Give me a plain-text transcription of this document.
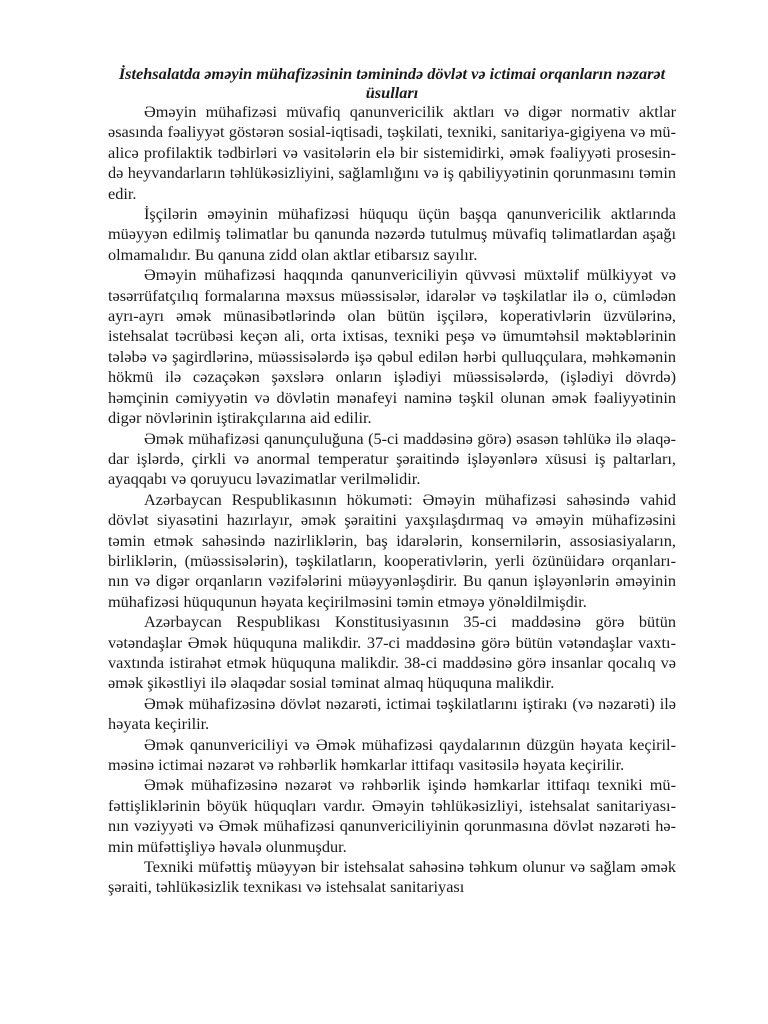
İstehsalatda əməyin mühafizəsinin təminində dövlət və ictimai orqanların nəzarət üsulları

Əməyin mühafizəsi müvafiq qanunvericilik aktları və digər normativ aktlar əsasında fəaliyyət göstərən sosial-iqtisadi, təşkilati, texniki, sanitariya-gigiyena və mü-alicə profilaktik tədbirləri və vasitələrin elə bir sistemidirki, əmək fəaliyyəti prosesin-də heyvandarların təhlükəsizliyini, sağlamlığını və iş qabiliyyətinin qorunmasını təmin edir.

İşçilərin əməyinin mühafizəsi hüququ üçün başqa qanunvericilik aktlarında müəyyən edilmiş təlimatlar bu qanunda nəzərdə tutulmuş müvafiq təlimatlardan aşağı olmamalıdır. Bu qanuna zidd olan aktlar etibarsız sayılır.

Əməyin mühafizəsi haqqında qanunvericiliyin qüvvəsi müxtəlif mülkiyyət və təsərrüfatçılıq formalarına məxsus müəssisələr, idarələr və təşkilatlar ilə o, cümlədən ayrı-ayrı əmək münasibətlərində olan bütün işçilərə, koperativlərin üzvülərinə, istehsalat təcrübəsi keçən ali, orta ixtisas, texniki peşə və ümumtəhsil məktəblərinin tələbə və şagirdlərinə, müəssisələrdə işə qəbul edilən hərbi qulluqçulara, məhkəmənin hökmü ilə cəzaçəkən şəxslərə onların işlədiyi müəssisələrdə, (işlədiyi dövrdə) həmçinin cəmiyyətin və dövlətin mənafeyi naminə təşkil olunan əmək fəaliyyətinin digər növlərinin iştirakçılarına aid edilir.

Əmək mühafizəsi qanunçuluğuna (5-ci maddəsinə görə) əsasən təhlükə ilə əlaqə-dar işlərdə, çirkli və anormal temperatur şəraitində işləyənlərə xüsusi iş paltarları, ayaqqabı və qoruyucu ləvazimatlar verilməlidir.

Azərbaycan Respublikasının hökuməti: Əməyin mühafizəsi sahəsində vahid dövlət siyasətini hazırlayır, əmək şəraitini yaxşılaşdırmaq və əməyin mühafizəsini təmin etmək sahəsində nazirliklərin, baş idarələrin, konsernilərin, assosiasiyaların, birliklərin, (müəssisələrin), təşkilatların, kooperativlərin, yerli özünüidarə orqanları-nın və digər orqanların vəzifələrini müəyyənləşdirir. Bu qanun işləyənlərin əməyinin mühafizəsi hüququnun həyata keçirilməsini təmin etməyə yönəldilmişdir.

Azərbaycan Respublikası Konstitusiyasının 35-ci maddəsinə görə bütün vətəndaşlar Əmək hüququna malikdir. 37-ci maddəsinə görə bütün vətəndaşlar vaxtı-vaxtında istirahət etmək hüququna malikdir. 38-ci maddəsinə görə insanlar qocalıq və əmək şikəstliyi ilə əlaqədar sosial təminat almaq hüququna malikdir.

Əmək mühafizəsinə dövlət nəzarəti, ictimai təşkilatlarını iştirakı (və nəzarəti) ilə həyata keçirilir.

Əmək qanunvericiliyi və Əmək mühafizəsi qaydalarının düzgün həyata keçiril-məsinə ictimai nəzarət və rəhbərlik həmkarlar ittifaqı vasitəsilə həyata keçirilir.

Əmək mühafizəsinə nəzarət və rəhbərlik işində həmkarlar ittifaqı texniki mü-fəttişliklərinin böyük hüquqları vardır. Əməyin təhlükəsizliyi, istehsalat sanitariyası-nın vəziyyəti və Əmək mühafizəsi qanunvericiliyinin qorunmasına dövlət nəzarəti hə-min müfəttişliyə həvalə olunmuşdur.

Texniki müfəttiş müəyyən bir istehsalat sahəsinə təhkum olunur və sağlam əmək şəraiti, təhlükəsizlik texnikası və istehsalat sanitariyası
